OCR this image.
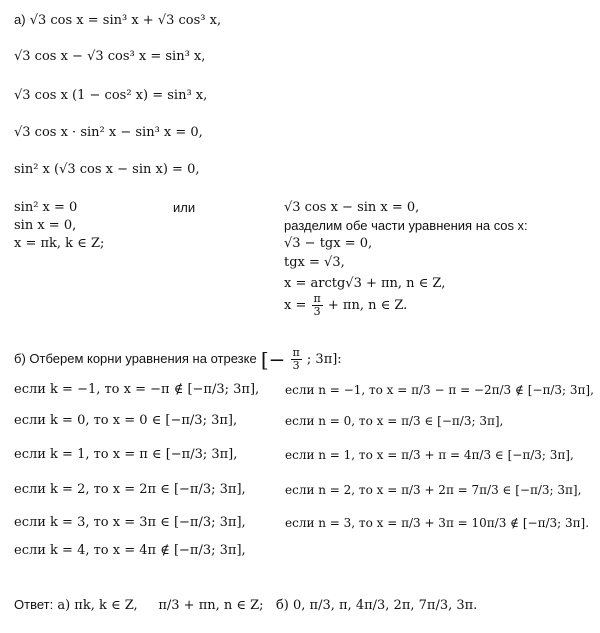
а) √3 cos x = sin³ x + √3 cos³ x,
√3 cos x − √3 cos³ x = sin³ x,
√3 cos x (1 − cos² x) = sin³ x,
√3 cos x · sin² x − sin³ x = 0,
sin² x (√3 cos x − sin x) = 0,
sin² x = 0
sin x = 0,
x = πk, k ∈ Z;
или	√3 cos x − sin x = 0,
разделим обе части уравнения на cos x:
√3 − tgx = 0,
tgx = √3,
x = arctg√3 + πn, n ∈ Z,
$x = \frac{\pi}{3} + \pi n$, n ∈ Z.
б) Отберем корни уравнения на отрезке [− $\frac{\pi}{3}$ ; 3π]:
если k = −1, то x = −π ∉ [−π/3; 3π],
если k = 0, то x = 0 ∈ [−π/3; 3π],
если k = 1, то x = π ∈ [−π/3; 3π],
если k = 2, то x = 2π ∈ [−π/3; 3π],
если k = 3, то x = 3π ∈ [−π/3; 3π],
если k = 4, то x = 4π ∉ [−π/3; 3π],
если n = −1, то x = π/3 − π = −2π/3 ∉ [−π/3; 3π],
если n = 0, то x = π/3 ∈ [−π/3; 3π],
если n = 1, то x = π/3 + π = 4π/3 ∈ [−π/3; 3π],
если n = 2, то x = π/3 + 2π = 7π/3 ∈ [−π/3; 3π],
если n = 3, то x = π/3 + 3π = 10π/3 ∉ [−π/3; 3π].
Ответ: а) πk, k ∈ Z, π/3 + πn, n ∈ Z; б) 0, π/3, π, 4π/3, 2π, 7π/3, 3π.
